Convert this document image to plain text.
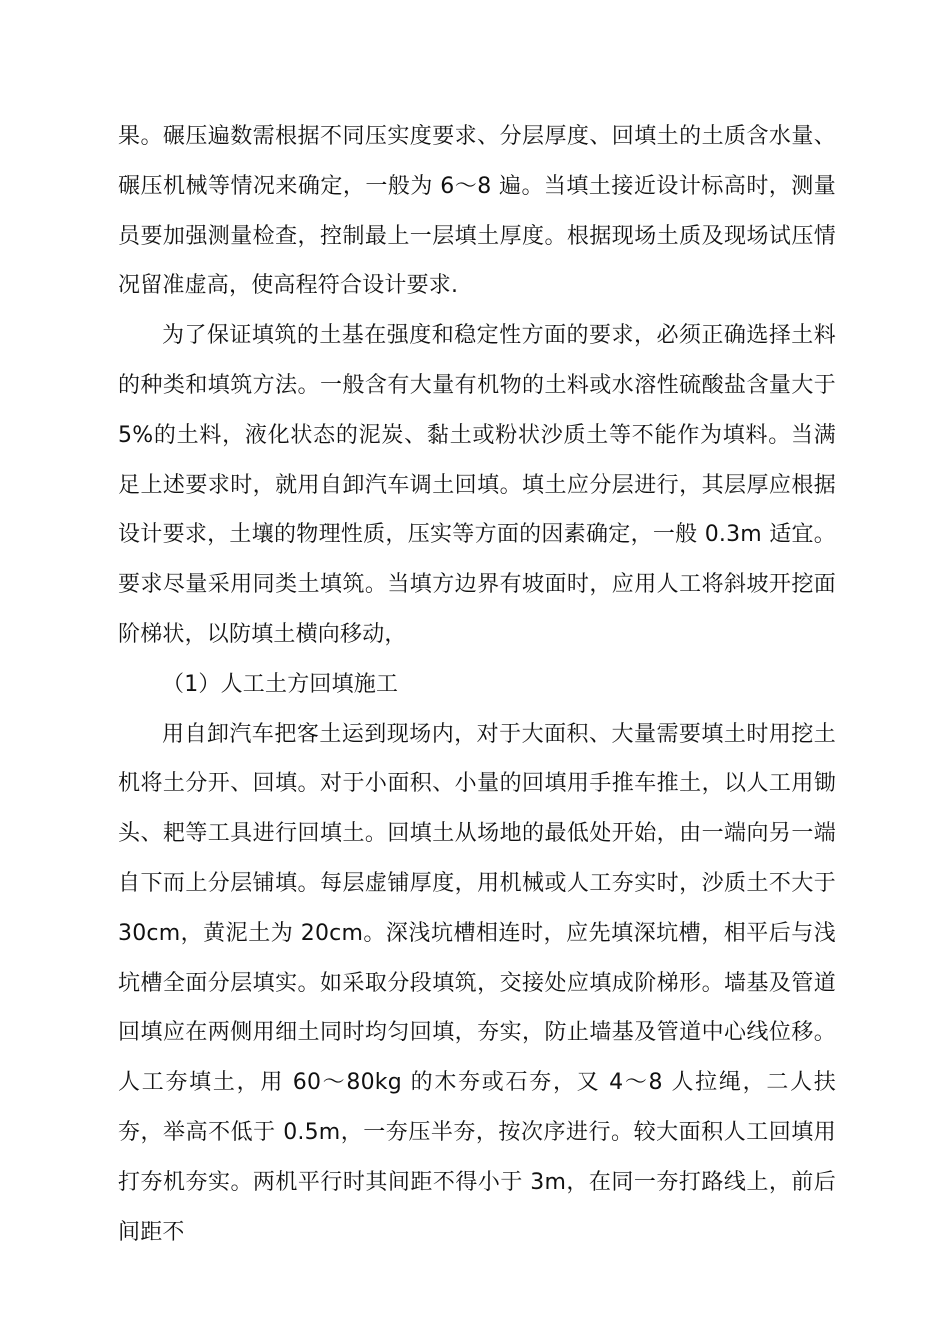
果。碾压遍数需根据不同压实度要求、分层厚度、回填土的土质含水量、碾压机械等情况来确定，一般为 6～8 遍。当填土接近设计标高时，测量员要加强测量检查，控制最上一层填土厚度。根据现场土质及现场试压情况留准虚高，使高程符合设计要求.

为了保证填筑的土基在强度和稳定性方面的要求，必须正确选择土料的种类和填筑方法。一般含有大量有机物的土料或水溶性硫酸盐含量大于5%的土料，液化状态的泥炭、黏土或粉状沙质土等不能作为填料。当满足上述要求时，就用自卸汽车调土回填。填土应分层进行，其层厚应根据设计要求，土壤的物理性质，压实等方面的因素确定，一般 0.3m 适宜。要求尽量采用同类土填筑。当填方边界有坡面时，应用人工将斜坡开挖面阶梯状，以防填土横向移动，

（1）人工土方回填施工

用自卸汽车把客土运到现场内，对于大面积、大量需要填土时用挖土机将土分开、回填。对于小面积、小量的回填用手推车推土，以人工用锄头、耙等工具进行回填土。回填土从场地的最低处开始，由一端向另一端自下而上分层铺填。每层虚铺厚度，用机械或人工夯实时，沙质土不大于30cm，黄泥土为 20cm。深浅坑槽相连时，应先填深坑槽，相平后与浅坑槽全面分层填实。如采取分段填筑，交接处应填成阶梯形。墙基及管道回填应在两侧用细土同时均匀回填，夯实，防止墙基及管道中心线位移。人工夯填土，用 60～80kg 的木夯或石夯，又 4～8 人拉绳，二人扶夯，举高不低于 0.5m，一夯压半夯，按次序进行。较大面积人工回填用打夯机夯实。两机平行时其间距不得小于 3m，在同一夯打路线上，前后间距不
